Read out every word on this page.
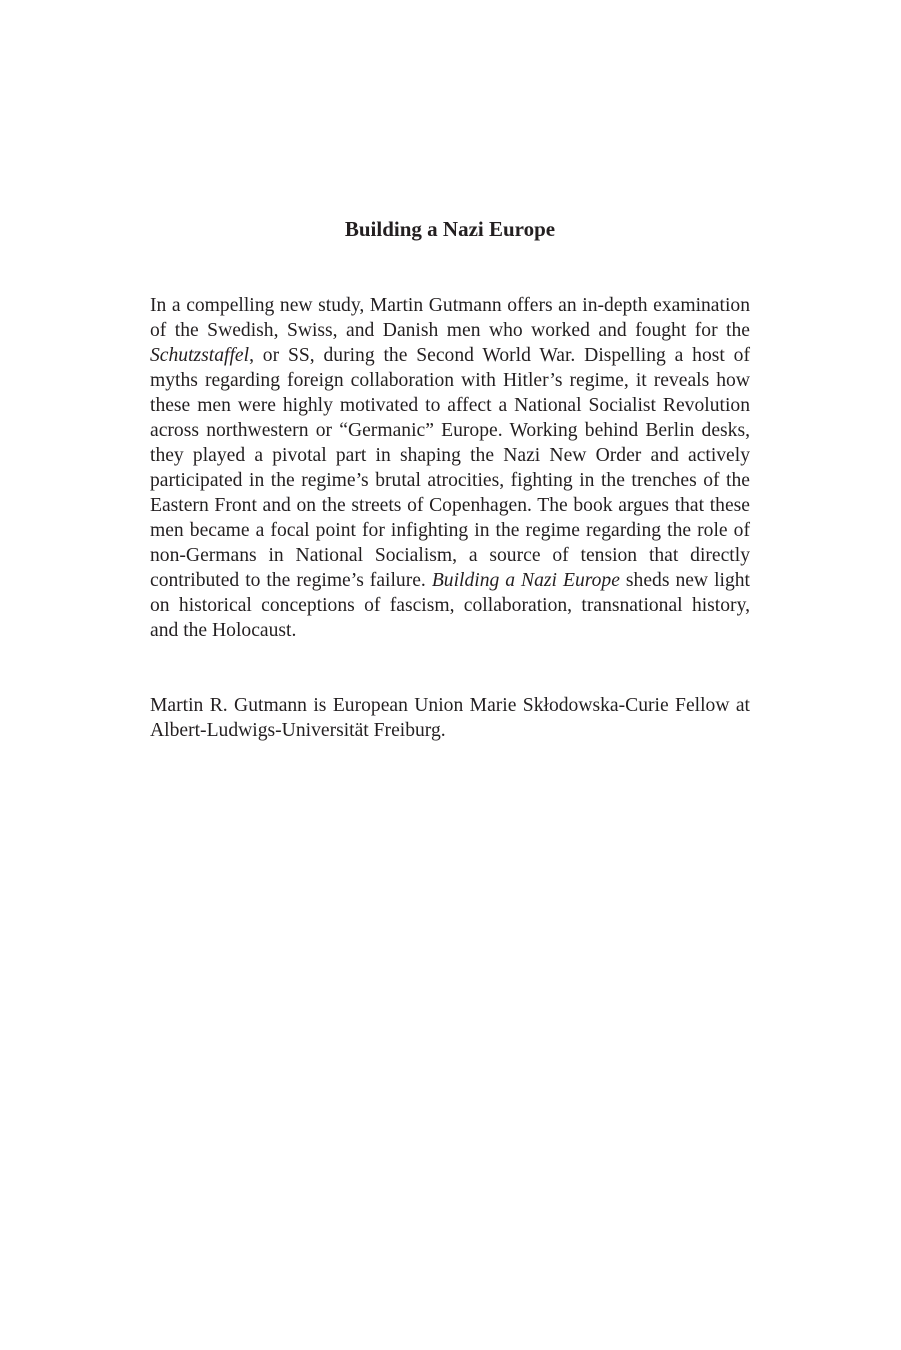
Building a Nazi Europe

In a compelling new study, Martin Gutmann offers an in-depth examination of the Swedish, Swiss, and Danish men who worked and fought for the Schutzstaffel, or SS, during the Second World War. Dispelling a host of myths regarding foreign collaboration with Hitler’s regime, it reveals how these men were highly motivated to affect a National Socialist Revolution across northwestern or “Germanic” Europe. Working behind Berlin desks, they played a pivotal part in shaping the Nazi New Order and actively participated in the regime’s brutal atrocities, fighting in the trenches of the Eastern Front and on the streets of Copenhagen. The book argues that these men became a focal point for infighting in the regime regarding the role of non-Germans in National Socialism, a source of tension that directly contributed to the regime’s failure. Building a Nazi Europe sheds new light on historical conceptions of fascism, collaboration, transnational history, and the Holocaust.

Martin R. Gutmann is European Union Marie Skłodowska-Curie Fellow at Albert-Ludwigs-Universität Freiburg.
